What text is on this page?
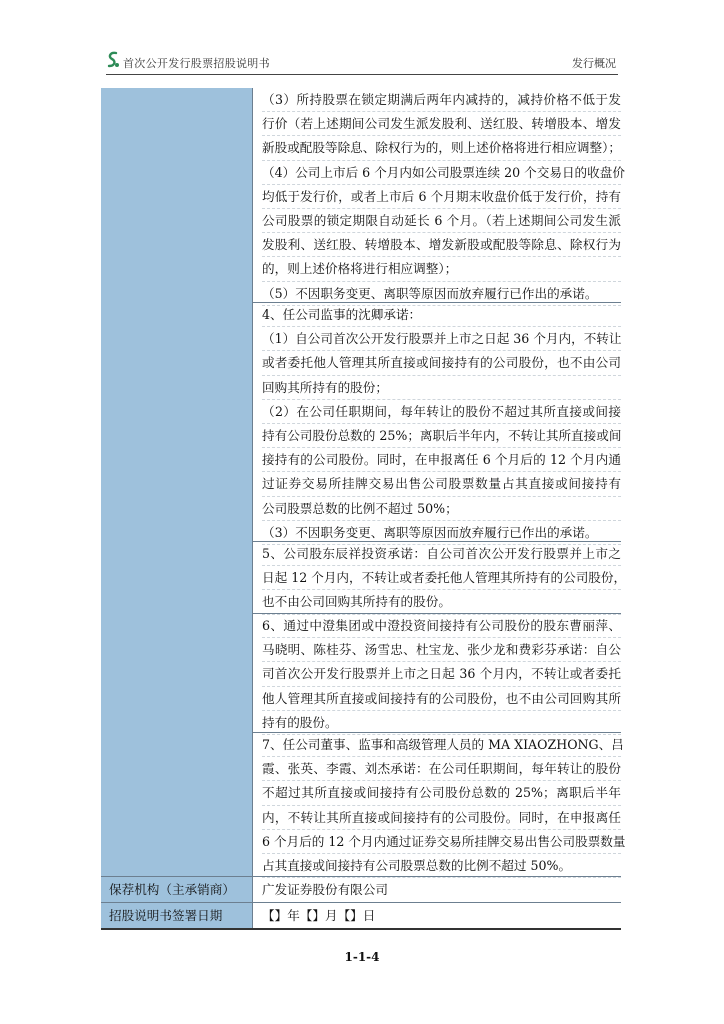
首次公开发行股票招股说明书	发行概况
（3）所持股票在锁定期满后两年内减持的，减持价格不低于发
行价（若上述期间公司发生派发股利、送红股、转增股本、增发
新股或配股等除息、除权行为的，则上述价格将进行相应调整）；
（4）公司上市后 6 个月内如公司股票连续 20 个交易日的收盘价
均低于发行价，或者上市后 6 个月期末收盘价低于发行价，持有
公司股票的锁定期限自动延长 6 个月。（若上述期间公司发生派
发股利、送红股、转增股本、增发新股或配股等除息、除权行为
的，则上述价格将进行相应调整）；
（5）不因职务变更、离职等原因而放弃履行已作出的承诺。
4、任公司监事的沈卿承诺：
（1）自公司首次公开发行股票并上市之日起 36 个月内，不转让
或者委托他人管理其所直接或间接持有的公司股份，也不由公司
回购其所持有的股份；
（2）在公司任职期间，每年转让的股份不超过其所直接或间接
持有公司股份总数的 25%；离职后半年内，不转让其所直接或间
接持有的公司股份。同时，在申报离任 6 个月后的 12 个月内通
过证券交易所挂牌交易出售公司股票数量占其直接或间接持有
公司股票总数的比例不超过 50%；
（3）不因职务变更、离职等原因而放弃履行已作出的承诺。
5、公司股东辰祥投资承诺：自公司首次公开发行股票并上市之
日起 12 个月内，不转让或者委托他人管理其所持有的公司股份，
也不由公司回购其所持有的股份。
6、通过中澄集团或中澄投资间接持有公司股份的股东曹丽萍、
马晓明、陈桂芬、汤雪忠、杜宝龙、张少龙和费彩芬承诺：自公
司首次公开发行股票并上市之日起 36 个月内，不转让或者委托
他人管理其所直接或间接持有的公司股份，也不由公司回购其所
持有的股份。
7、任公司董事、监事和高级管理人员的 MA XIAOZHONG、吕
霞、张英、李霞、刘杰承诺：在公司任职期间，每年转让的股份
不超过其所直接或间接持有公司股份总数的 25%；离职后半年
内，不转让其所直接或间接持有的公司股份。同时，在申报离任
6 个月后的 12 个月内通过证券交易所挂牌交易出售公司股票数量
占其直接或间接持有公司股票总数的比例不超过 50%。
保荐机构（主承销商）	广发证券股份有限公司
招股说明书签署日期	【】年【】月【】日
1-1-4
